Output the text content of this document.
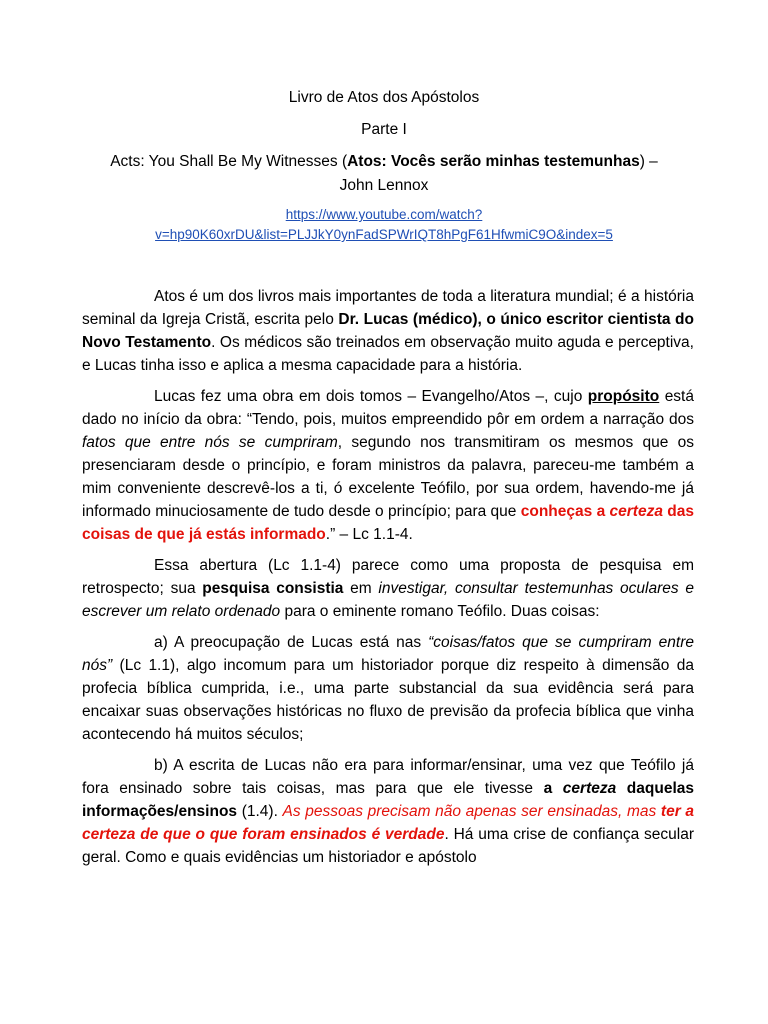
Livro de Atos dos Apóstolos
Parte I
Acts: You Shall Be My Witnesses (Atos: Vocês serão minhas testemunhas) –
John Lennox
https://www.youtube.com/watch?
v=hp90K60xrDU&list=PLJJkY0ynFadSPWrIQT8hPgF61HfwmiC9O&index=5

Atos é um dos livros mais importantes de toda a literatura mundial; é a história seminal da Igreja Cristã, escrita pelo Dr. Lucas (médico), o único escritor cientista do Novo Testamento. Os médicos são treinados em observação muito aguda e perceptiva, e Lucas tinha isso e aplica a mesma capacidade para a história.

Lucas fez uma obra em dois tomos – Evangelho/Atos –, cujo propósito está dado no início da obra: “Tendo, pois, muitos empreendido pôr em ordem a narração dos fatos que entre nós se cumpriram, segundo nos transmitiram os mesmos que os presenciaram desde o princípio, e foram ministros da palavra, pareceu-me também a mim conveniente descrevê-los a ti, ó excelente Teófilo, por sua ordem, havendo-me já informado minuciosamente de tudo desde o princípio; para que conheças a certeza das coisas de que já estás informado.” – Lc 1.1-4.

Essa abertura (Lc 1.1-4) parece como uma proposta de pesquisa em retrospecto; sua pesquisa consistia em investigar, consultar testemunhas oculares e escrever um relato ordenado para o eminente romano Teófilo. Duas coisas:

a) A preocupação de Lucas está nas “coisas/fatos que se cumpriram entre nós” (Lc 1.1), algo incomum para um historiador porque diz respeito à dimensão da profecia bíblica cumprida, i.e., uma parte substancial da sua evidência será para encaixar suas observações históricas no fluxo de previsão da profecia bíblica que vinha acontecendo há muitos séculos;

b) A escrita de Lucas não era para informar/ensinar, uma vez que Teófilo já fora ensinado sobre tais coisas, mas para que ele tivesse a certeza daquelas informações/ensinos (1.4). As pessoas precisam não apenas ser ensinadas, mas ter a certeza de que o que foram ensinados é verdade. Há uma crise de confiança secular geral. Como e quais evidências um historiador e apóstolo
